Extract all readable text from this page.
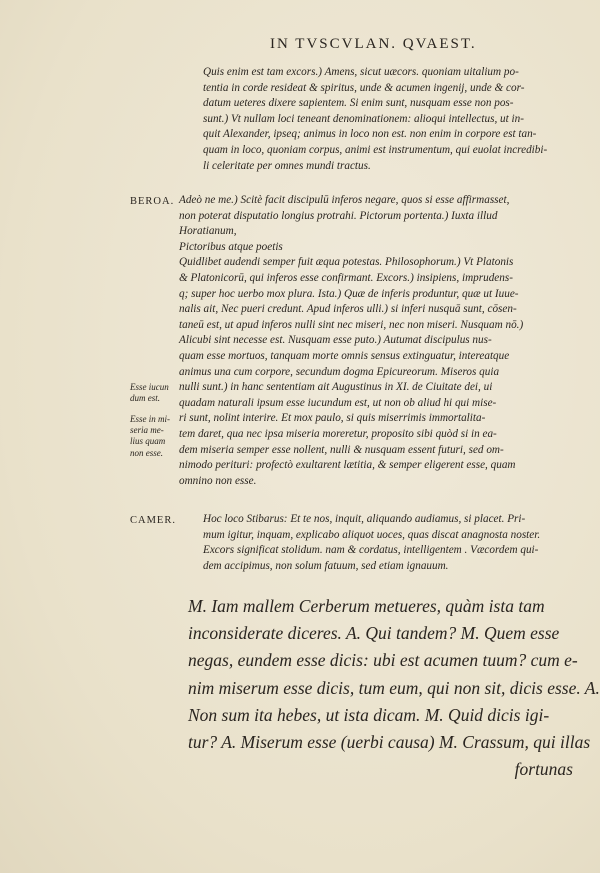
IN TVSCVLAN. QVAEST.
Quis enim est tam excors.) Amens, sicut uæcors. quoniam uitalium po-
tentia in corde resideat & spiritus, unde & acumen ingenij, unde & cor-
datum ueteres dixere sapientem. Si enim sunt, nusquam esse non pos-
sunt.) Vt nullam loci teneant denominationem: alioqui intellectus, ut in-
quit Alexander, ipseq; animus in loco non est. non enim in corpore est tan-
quam in loco, quoniam corpus, animi est instrumentum, qui euolat incredibi-
li celeritate per omnes mundi tractus.
BEROA. Adeò ne me.) Scitè facit discipulū inferos negare, quos si esse affirmasset,
non poterat disputatio longius protrahi. Pictorum portenta.) Iuxta illud
Horatianum,
Pictoribus atque poetis
Quidlibet audendi semper fuit æqua potestas. Philosophorum.) Vt Platonis
& Platonicorū, qui inferos esse confirmant. Excors.) insipiens, imprudens-
q; super hoc uerbo mox plura. Ista.) Quæ de inferis produntur, quæ ut Iuue-
nalis ait, Nec pueri credunt. Apud inferos ulli.) si inferi nusquā sunt, cōsen-
taneū est, ut apud inferos nulli sint nec miseri, nec non miseri. Nusquam nō.)
Alicubi sint necesse est. Nusquam esse puto.) Autumat discipulus nus-
quam esse mortuos, tanquam morte omnis sensus extinguatur, intereatque
animus una cum corpore, secundum dogma Epicureorum. Miseros quia
nulli sunt.) in hanc sententiam ait Augustinus in XI. de Ciuitate dei, ui
quadam naturali ipsum esse iucundum est, ut non ob aliud hi qui mise-
ri sunt, nolint interire. Et mox paulo, si quis miserrimis immortalita-
tem daret, qua nec ipsa miseria moreretur, proposito sibi quòd si in ea-
dem miseria semper esse nollent, nulli & nusquam essent futuri, sed om-
nimodo perituri: profectò exultarent lætitia, & semper eligerent esse, quam
omnino non esse.
Esse iucun
dum est.
Esse in mi-
seria me-
lius quam
non esse.
CAMER. Hoc loco Stibarus: Et te nos, inquit, aliquando audiamus, si placet. Pri-
mum igitur, inquam, explicabo aliquot uoces, quas discat anagnosta noster.
Excors significat stolidum. nam & cordatus, intelligentem . Væcordem qui-
dem accipimus, non solum fatuum, sed etiam ignauum.
M. Iam mallem Cerberum metueres, quàm ista tam
inconsiderate diceres. A. Qui tandem? M. Quem esse
negas, eundem esse dicis: ubi est acumen tuum? cum e-
nim miserum esse dicis, tum eum, qui non sit, dicis esse. A.
Non sum ita hebes, ut ista dicam. M. Quid dicis igi-
tur? A. Miserum esse (uerbi causa) M. Crassum, qui illas
fortunas
